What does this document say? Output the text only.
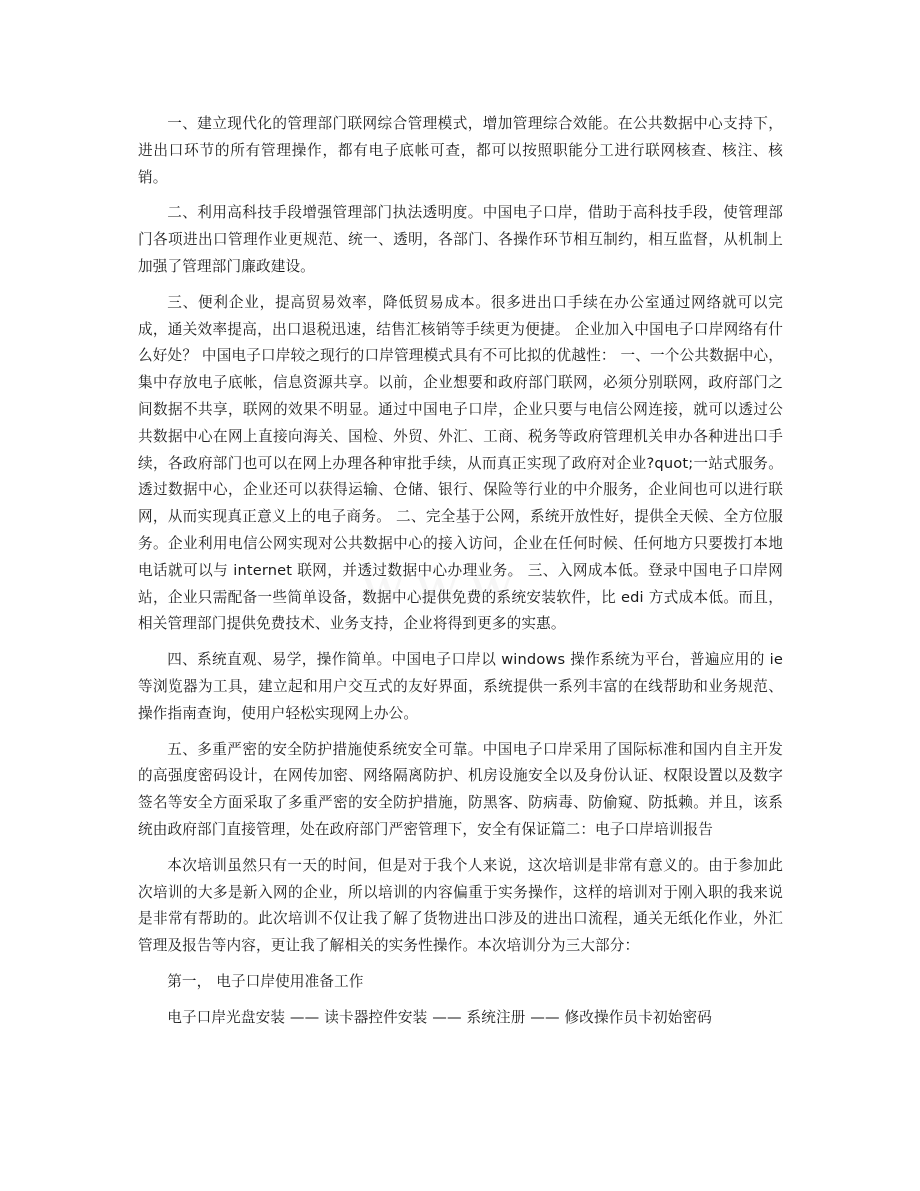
一、建立现代化的管理部门联网综合管理模式，增加管理综合效能。在公共数据中心支持下，进出口环节的所有管理操作，都有电子底帐可查，都可以按照职能分工进行联网核查、核注、核销。

二、利用高科技手段增强管理部门执法透明度。中国电子口岸，借助于高科技手段，使管理部门各项进出口管理作业更规范、统一、透明，各部门、各操作环节相互制约，相互监督，从机制上加强了管理部门廉政建设。

三、便利企业，提高贸易效率，降低贸易成本。很多进出口手续在办公室通过网络就可以完成，通关效率提高，出口退税迅速，结售汇核销等手续更为便捷。 企业加入中国电子口岸网络有什么好处？ 中国电子口岸较之现行的口岸管理模式具有不可比拟的优越性： 一、一个公共数据中心，集中存放电子底帐，信息资源共享。以前，企业想要和政府部门联网，必须分别联网，政府部门之间数据不共享，联网的效果不明显。通过中国电子口岸，企业只要与电信公网连接，就可以透过公共数据中心在网上直接向海关、国检、外贸、外汇、工商、税务等政府管理机关申办各种进出口手续，各政府部门也可以在网上办理各种审批手续，从而真正实现了政府对企业?quot;一站式服务。透过数据中心，企业还可以获得运输、仓储、银行、保险等行业的中介服务，企业间也可以进行联网，从而实现真正意义上的电子商务。 二、完全基于公网，系统开放性好，提供全天候、全方位服务。企业利用电信公网实现对公共数据中心的接入访问，企业在任何时候、任何地方只要拨打本地电话就可以与 internet 联网，并透过数据中心办理业务。 三、入网成本低。登录中国电子口岸网站，企业只需配备一些简单设备，数据中心提供免费的系统安装软件，比 edi 方式成本低。而且，相关管理部门提供免费技术、业务支持，企业将得到更多的实惠。

四、系统直观、易学，操作简单。中国电子口岸以 windows 操作系统为平台，普遍应用的 ie 等浏览器为工具，建立起和用户交互式的友好界面，系统提供一系列丰富的在线帮助和业务规范、操作指南查询，使用户轻松实现网上办公。

五、多重严密的安全防护措施使系统安全可靠。中国电子口岸采用了国际标准和国内自主开发的高强度密码设计，在网传加密、网络隔离防护、机房设施安全以及身份认证、权限设置以及数字签名等安全方面采取了多重严密的安全防护措施，防黑客、防病毒、防偷窥、防抵赖。并且，该系统由政府部门直接管理，处在政府部门严密管理下，安全有保证篇二：电子口岸培训报告

本次培训虽然只有一天的时间，但是对于我个人来说，这次培训是非常有意义的。由于参加此次培训的大多是新入网的企业，所以培训的内容偏重于实务操作，这样的培训对于刚入职的我来说是非常有帮助的。此次培训不仅让我了解了货物进出口涉及的进出口流程，通关无纸化作业，外汇管理及报告等内容，更让我了解相关的实务性操作。本次培训分为三大部分：

第一， 电子口岸使用准备工作

电子口岸光盘安装 —— 读卡器控件安装 —— 系统注册 —— 修改操作员卡初始密码
